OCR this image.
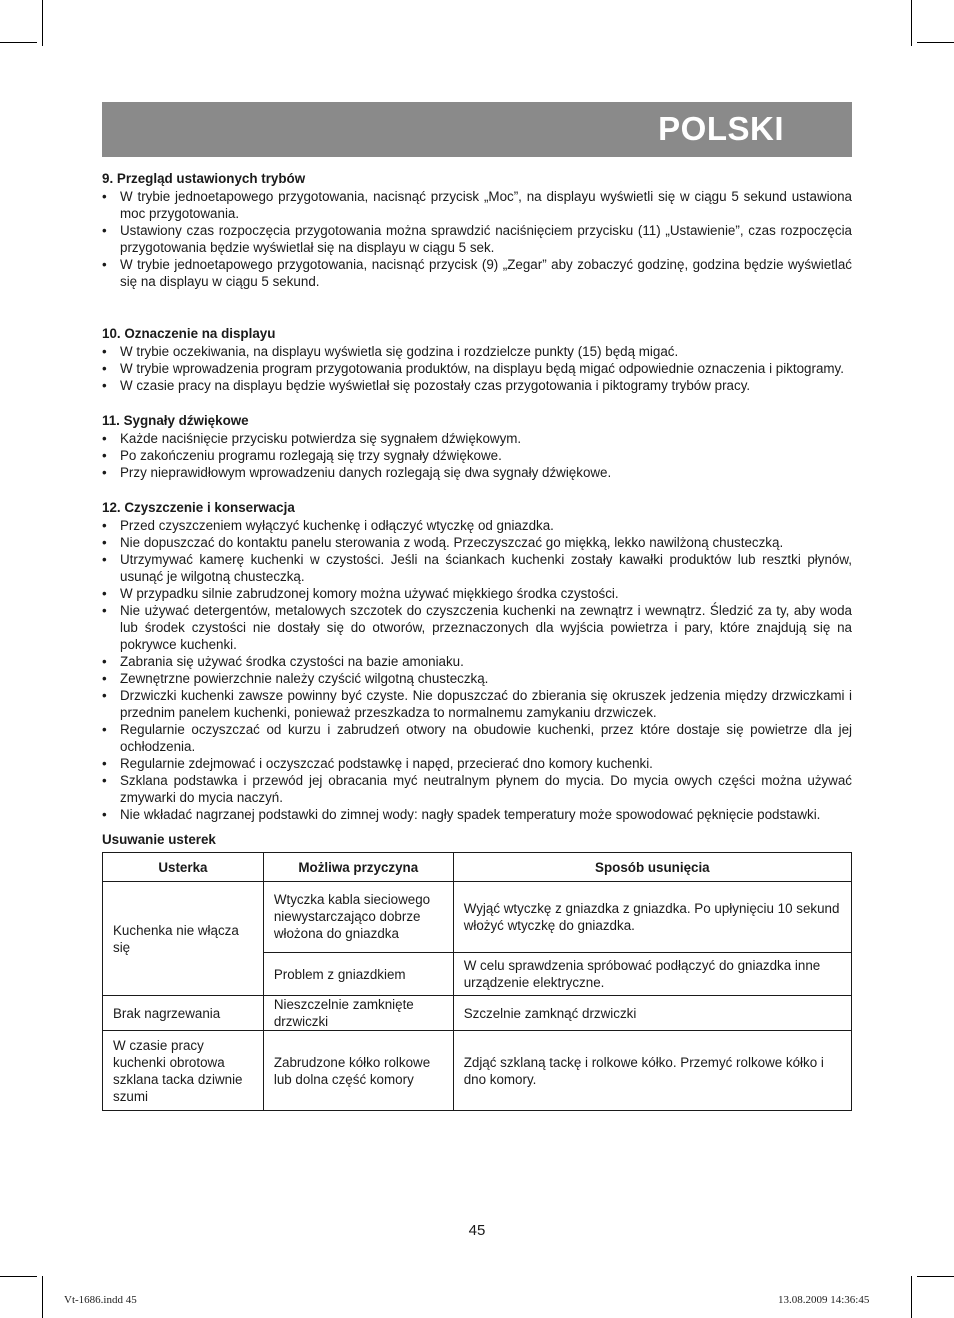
POLSKI
9. Przegląd ustawionych trybów
• W trybie jednoetapowego przygotowania, nacisnąć przycisk „Moc”, na displayu wyświetli się w ciągu 5 sekund ustawiona moc przygotowania.
• Ustawiony czas rozpoczęcia przygotowania można sprawdzić naciśnięciem przycisku (11) „Ustawienie”, czas rozpoczęcia przygotowania będzie wyświetlał się na displayu w ciągu 5 sek.
• W trybie jednoetapowego przygotowania, nacisnąć przycisk (9) „Zegar” aby zobaczyć godzinę, godzina będzie wyświetlać się na displayu w ciągu 5 sekund.
10. Oznaczenie na displayu
• W trybie oczekiwania, na displayu wyświetla się godzina i rozdzielcze punkty (15) będą migać.
• W trybie wprowadzenia program przygotowania produktów, na displayu będą migać odpowiednie oznaczenia i piktogramy.
• W czasie pracy na displayu będzie wyświetlał się pozostały czas przygotowania i piktogramy trybów pracy.
11. Sygnały dźwiękowe
• Każde naciśnięcie przycisku potwierdza się sygnałem dźwiękowym.
• Po zakończeniu programu rozlegają się trzy sygnały dźwiękowe.
• Przy nieprawidłowym wprowadzeniu danych rozlegają się dwa sygnały dźwiękowe.
12. Czyszczenie i konserwacja
• Przed czyszczeniem wyłączyć kuchenkę i odłączyć wtyczkę od gniazdka.
• Nie dopuszczać do kontaktu panelu sterowania z wodą. Przeczyszczać go miękką, lekko nawilżoną chusteczką.
• Utrzymywać kamerę kuchenki w czystości. Jeśli na ściankach kuchenki zostały kawałki produktów lub resztki płynów, usunąć je wilgotną chusteczką.
• W przypadku silnie zabrudzonej komory można używać miękkiego środka czystości.
• Nie używać detergentów, metalowych szczotek do czyszczenia kuchenki na zewnątrz i wewnątrz. Śledzić za ty, aby woda lub środek czystości nie dostały się do otworów, przeznaczonych dla wyjścia powietrza i pary, które znajdują się na pokrywce kuchenki.
• Zabrania się używać środka czystości na bazie amoniaku.
• Zewnętrzne powierzchnie należy czyścić wilgotną chusteczką.
• Drzwiczki kuchenki zawsze powinny być czyste. Nie dopuszczać do zbierania się okruszek jedzenia między drzwiczkami i przednim panelem kuchenki, ponieważ przeszkadza to normalnemu zamykaniu drzwiczek.
• Regularnie oczyszczać od kurzu i zabrudzeń otwory na obudowie kuchenki, przez które dostaje się powietrze dla jej ochłodzenia.
• Regularnie zdejmować i oczyszczać podstawkę i napęd, przecierać dno komory kuchenki.
• Szklana podstawka i przewód jej obracania myć neutralnym płynem do mycia. Do mycia owych części można używać zmywarki do mycia naczyń.
• Nie wkładać nagrzanej podstawki do zimnej wody: nagły spadek temperatury może spowodować pęknięcie podstawki.
Usuwanie usterek
Usterka	Możliwa przyczyna	Sposób usunięcia
Kuchenka nie włącza się	Wtyczka kabla sieciowego niewystarczająco dobrze włożona do gniazdka	Wyjąć wtyczkę z gniazdka z gniazdka. Po upłynięciu 10 sekund włożyć wtyczkę do gniazdka.
	Problem z gniazdkiem	W celu sprawdzenia spróbować podłączyć do gniazdka inne urządzenie elektryczne.
Brak nagrzewania	Nieszczelnie zamknięte drzwiczki	Szczelnie zamknąć drzwiczki
W czasie pracy kuchenki obrotowa szklana tacka dziwnie szumi	Zabrudzone kółko rolkowe lub dolna część komory	Zdjąć szklaną tackę i rolkowe kółko. Przemyć rolkowe kółko i dno komory.
45
Vt-1686.indd 45	13.08.2009 14:36:45
